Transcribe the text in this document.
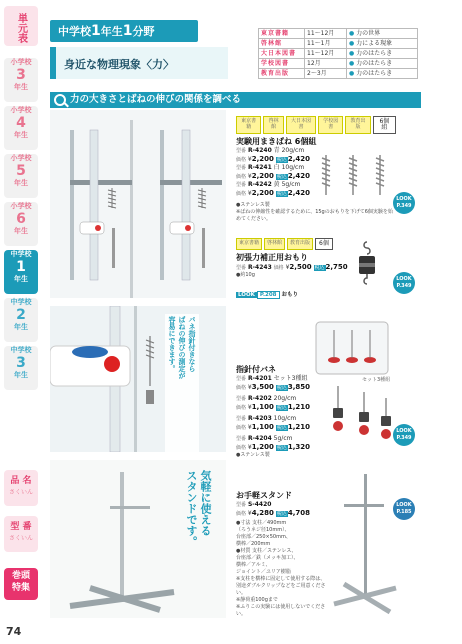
単元表
小学校
3
年生
小学校
4
年生
小学校
5
年生
小学校
6
年生
中学校
1
年生
中学校
2
年生
中学校
3
年生
品 名
さくいん
型 番
さくいん
巻頭
特集
74
中学校1年生1分野
身近な物理現象〈力〉
東京書籍	11〜12月	● 力の世界
啓林館	11〜1月	● 力による現象
大日本図書	11〜12月	● 力のはたらき
学校図書	12月	● 力のはたらき
教育出版	2〜3月	● 力のはたらき
力の大きさとばねの伸びの関係を調べる
東京書籍
啓林館
大日本図書
学校図書
教育出版
6個組
実験用まきばね 6個組
型番 R-4240 青 20g/cm
価格 ¥2,200 税込2,420
型番 R-4241 白 10g/cm
価格 ¥2,200 税込2,420
型番 R-4242 黄 5g/cm
価格 ¥2,200 税込2,420
●ステンレス製
※ばねの伸縮性を確認するために、15gのおもりを下げて6個実験を始めてください。
LOOK
P.349
東京書籍	啓林館	教育出版	6個
初張力補正用おもり
型番 R-4243 価格 ¥2,500 税込2,750
●約10g
LOOK P.208 おもり
LOOK
P.349
バネ指針付きなら
ばねの伸びの測定が
容易にできます。
セット3種組
指針付バネ
型番 R-4201 セット3種組
価格 ¥3,500 税込3,850
型番 R-4202 20g/cm
価格 ¥1,100 税込1,210
型番 R-4203 10g/cm
価格 ¥1,100 税込1,210
型番 R-4204 5g/cm
価格 ¥1,200 税込1,320
●ステンレス製
LOOK
P.349
気軽に使える
スタンドです。	お手軽スタンド
型番 S-4420
価格 ¥4,280 税込4,708
●寸法 支柱／490mm
（ろうネジ径10mm）、
台座部／250×50mm、
横棒／200mm
●材質 支柱／ステンレス、
台座部／鉄（メッキ加工）、
横棒／アルミ、
ジョイント／ユリア樹脂
※支柱を横棒に固定して使用する際は、
別途ダブルクリップなどをご用意ください。
※静荷重100gまで
※ふりこの実験には使用しないでください。
LOOK
P.185
